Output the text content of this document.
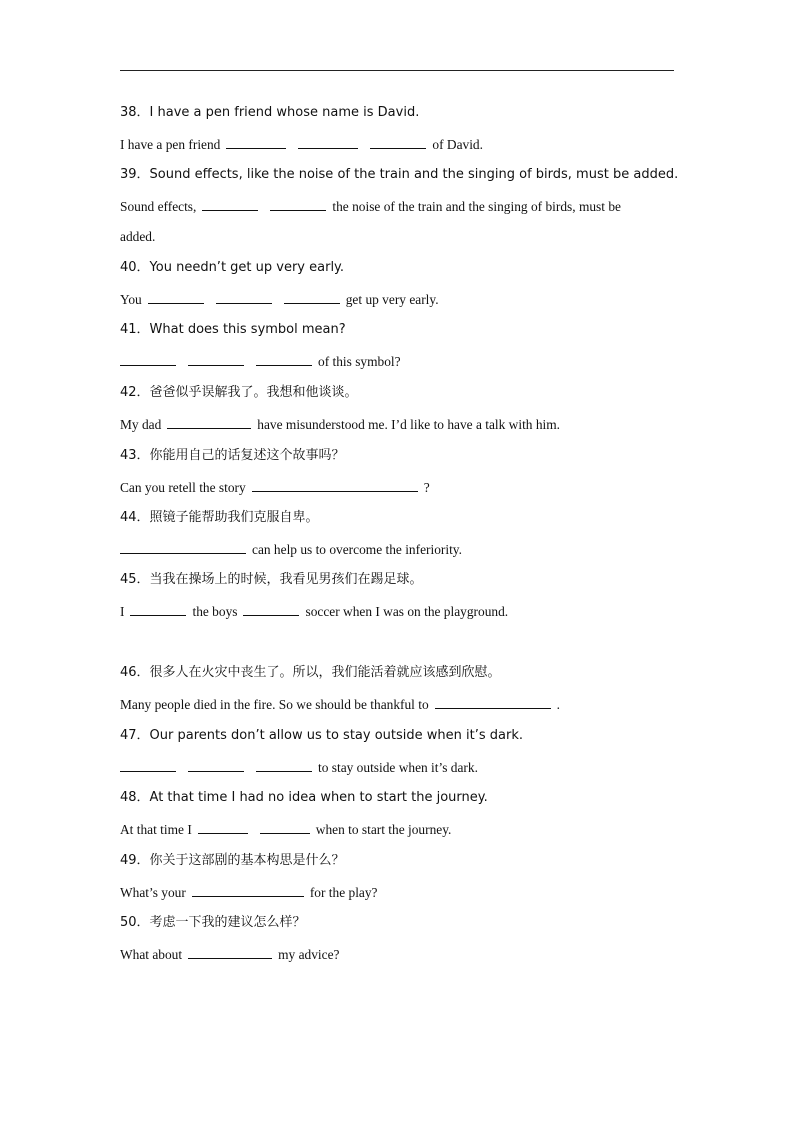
38．I have a pen friend whose name is David.
I have a pen friend	of David.
39．Sound effects, like the noise of the train and the singing of birds, must be added.
Sound effects,	the noise of the train and the singing of birds, must be
added.
40．You needn’t get up very early.
You	get up very early.
41．What does this symbol mean?
of this symbol?
42．爸爸似乎误解我了。我想和他谈谈。
My dad	have misunderstood me. I’d like to have a talk with him.
43．你能用自己的话复述这个故事吗？
Can you retell the story	?
44．照镜子能帮助我们克服自卑。
can help us to overcome the inferiority.
45．当我在操场上的时候，我看见男孩们在踢足球。
I	the boys	soccer when I was on the playground.
46．很多人在火灾中丧生了。所以，我们能活着就应该感到欣慰。
Many people died in the fire. So we should be thankful to	.
47．Our parents don’t allow us to stay outside when it’s dark.
to stay outside when it’s dark.
48．At that time I had no idea when to start the journey.
At that time I	when to start the journey.
49．你关于这部剧的基本构思是什么？
What’s your	for the play?
50．考虑一下我的建议怎么样？
What about	my advice?
